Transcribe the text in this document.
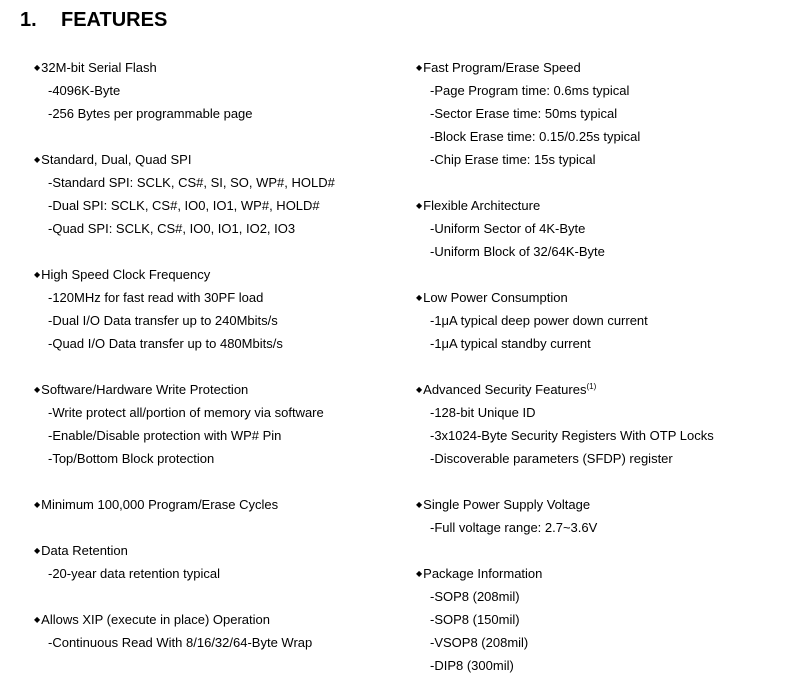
1. FEATURES
◆32M-bit Serial Flash
-4096K-Byte
-256 Bytes per programmable page
◆Standard, Dual, Quad SPI
-Standard SPI: SCLK, CS#, SI, SO, WP#, HOLD#
-Dual SPI: SCLK, CS#, IO0, IO1, WP#, HOLD#
-Quad SPI: SCLK, CS#, IO0, IO1, IO2, IO3
◆High Speed Clock Frequency
-120MHz for fast read with 30PF load
-Dual I/O Data transfer up to 240Mbits/s
-Quad I/O Data transfer up to 480Mbits/s
◆Software/Hardware Write Protection
-Write protect all/portion of memory via software
-Enable/Disable protection with WP# Pin
-Top/Bottom Block protection
◆Minimum 100,000 Program/Erase Cycles
◆Data Retention
-20-year data retention typical
◆Allows XIP (execute in place) Operation
-Continuous Read With 8/16/32/64-Byte Wrap
◆Fast Program/Erase Speed
-Page Program time: 0.6ms typical
-Sector Erase time: 50ms typical
-Block Erase time: 0.15/0.25s typical
-Chip Erase time: 15s typical
◆Flexible Architecture
-Uniform Sector of 4K-Byte
-Uniform Block of 32/64K-Byte
◆Low Power Consumption
-1μA typical deep power down current
-1μA typical standby current
◆Advanced Security Features$^{(1)}$
-128-bit Unique ID
-3x1024-Byte Security Registers With OTP Locks
-Discoverable parameters (SFDP) register
◆Single Power Supply Voltage
-Full voltage range: 2.7~3.6V
◆Package Information
-SOP8 (208mil)
-SOP8 (150mil)
-VSOP8 (208mil)
-DIP8 (300mil)
